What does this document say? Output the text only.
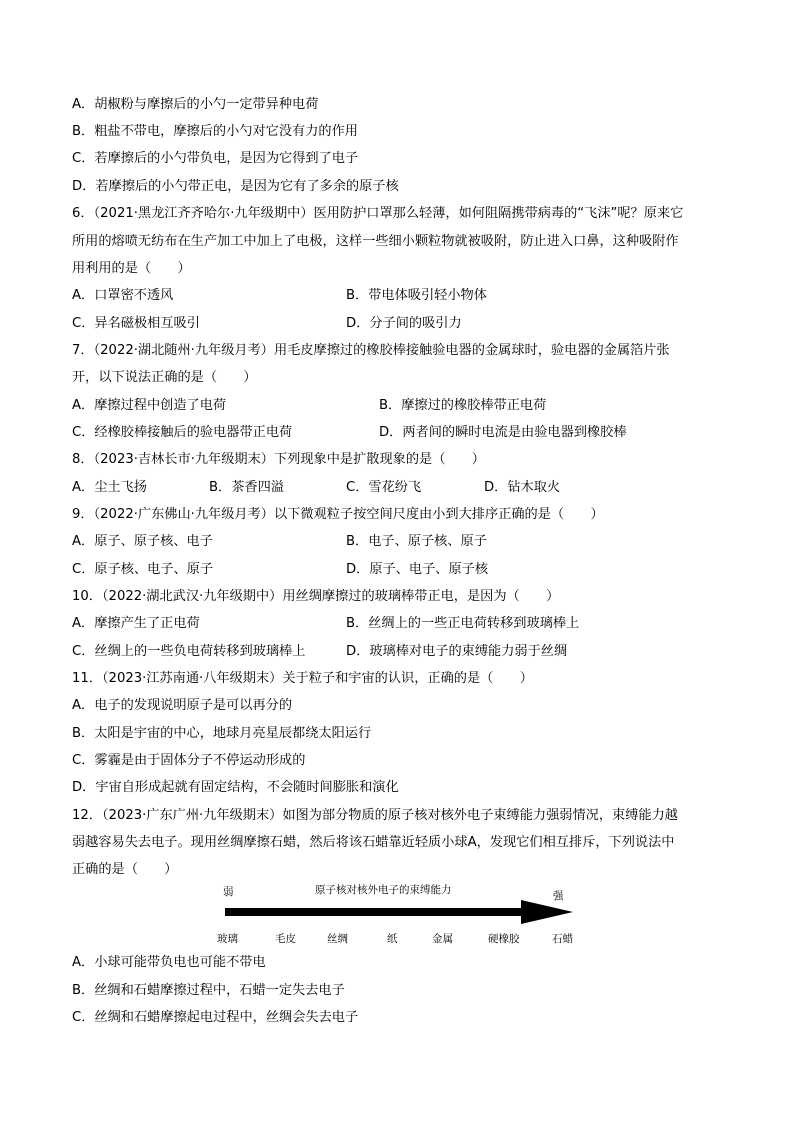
A．胡椒粉与摩擦后的小勺一定带异种电荷
B．粗盐不带电，摩擦后的小勺对它没有力的作用
C．若摩擦后的小勺带负电，是因为它得到了电子
D．若摩擦后的小勺带正电，是因为它有了多余的原子核
6．（2021·黑龙江齐齐哈尔·九年级期中）医用防护口罩那么轻薄，如何阻隔携带病毒的“飞沫”呢？原来它
所用的熔喷无纺布在生产加工中加上了电极，这样一些细小颗粒物就被吸附，防止进入口鼻，这种吸附作
用利用的是（　　）
A．口罩密不透风	B．带电体吸引轻小物体
C．异名磁极相互吸引	D．分子间的吸引力
7．（2022·湖北随州·九年级月考）用毛皮摩擦过的橡胶棒接触验电器的金属球时，验电器的金属箔片张
开，以下说法正确的是（　　）
A．摩擦过程中创造了电荷	B．摩擦过的橡胶棒带正电荷
C．经橡胶棒接触后的验电器带正电荷	D．两者间的瞬时电流是由验电器到橡胶棒
8．（2023·吉林长市·九年级期末）下列现象中是扩散现象的是（　　）
A．尘土飞扬	B．茶香四溢	C．雪花纷飞	D．钻木取火
9．（2022·广东佛山·九年级月考）以下微观粒子按空间尺度由小到大排序正确的是（　　）
A．原子、原子核、电子	B．电子、原子核、原子
C．原子核、电子、原子	D．原子、电子、原子核
10．（2022·湖北武汉·九年级期中）用丝绸摩擦过的玻璃棒带正电，是因为（　　）
A．摩擦产生了正电荷	B．丝绸上的一些正电荷转移到玻璃棒上
C．丝绸上的一些负电荷转移到玻璃棒上	D．玻璃棒对电子的束缚能力弱于丝绸
11．（2023·江苏南通·八年级期末）关于粒子和宇宙的认识，正确的是（　　）
A．电子的发现说明原子是可以再分的
B．太阳是宇宙的中心，地球月亮星辰都绕太阳运行
C．雾霾是由于固体分子不停运动形成的
D．宇宙自形成起就有固定结构，不会随时间膨胀和演化
12．（2023·广东广州·九年级期末）如图为部分物质的原子核对核外电子束缚能力强弱情况，束缚能力越
弱越容易失去电子。现用丝绸摩擦石蜡，然后将该石蜡靠近轻质小球A，发现它们相互排斥，下列说法中
正确的是（　　）
弱	原子核对核外电子的束缚能力	强
玻璃	毛皮	丝绸	纸	金属	硬橡胶	石蜡
A．小球可能带负电也可能不带电
B．丝绸和石蜡摩擦过程中，石蜡一定失去电子
C．丝绸和石蜡摩擦起电过程中，丝绸会失去电子
